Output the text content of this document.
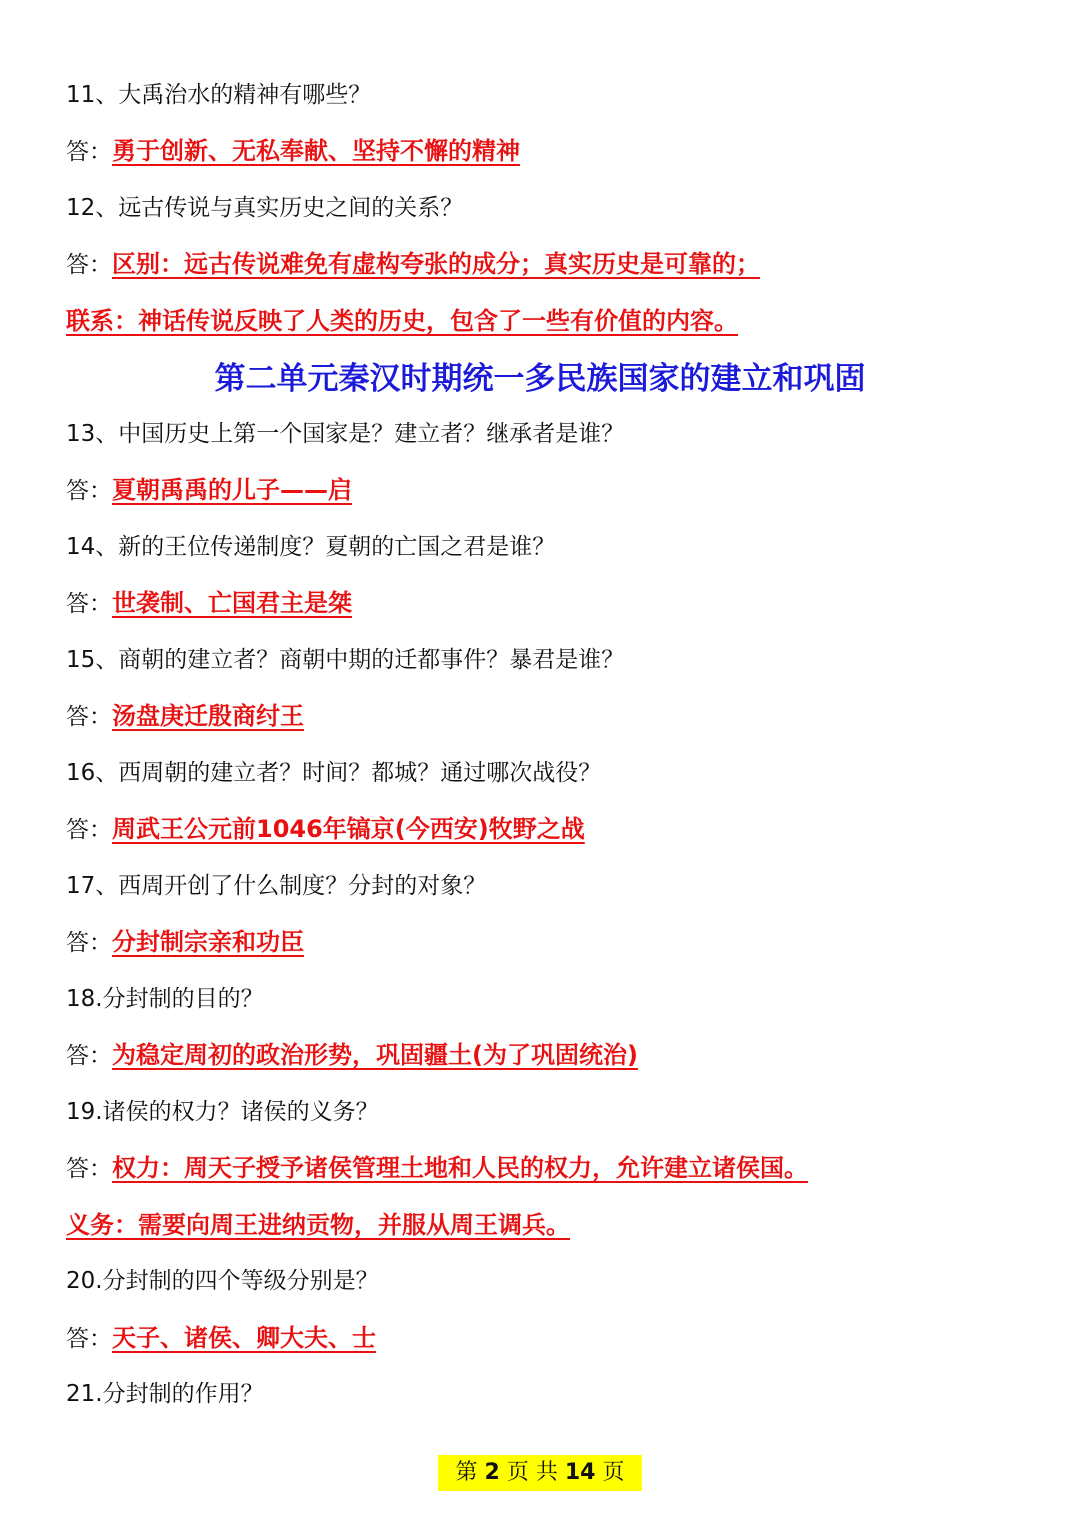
11、大禹治水的精神有哪些？
答：勇于创新、无私奉献、坚持不懈的精神
12、远古传说与真实历史之间的关系？
答：区别：远古传说难免有虚构夸张的成分；真实历史是可靠的；
联系：神话传说反映了人类的历史，包含了一些有价值的内容。
第二单元秦汉时期统一多民族国家的建立和巩固
13、中国历史上第一个国家是？建立者？继承者是谁？
答：夏朝禹禹的儿子——启
14、新的王位传递制度？夏朝的亡国之君是谁？
答：世袭制、亡国君主是桀
15、商朝的建立者？商朝中期的迁都事件？暴君是谁？
答：汤盘庚迁殷商纣王
16、西周朝的建立者？时间？都城？通过哪次战役？
答：周武王公元前1046年镐京(今西安)牧野之战
17、西周开创了什么制度？分封的对象？
答：分封制宗亲和功臣
18.分封制的目的？
答：为稳定周初的政治形势，巩固疆土(为了巩固统治)
19.诸侯的权力？诸侯的义务？
答：权力：周天子授予诸侯管理土地和人民的权力，允许建立诸侯国。
义务：需要向周王进纳贡物，并服从周王调兵。
20.分封制的四个等级分别是？
答：天子、诸侯、卿大夫、士
21.分封制的作用？
第 2 页 共 14 页
